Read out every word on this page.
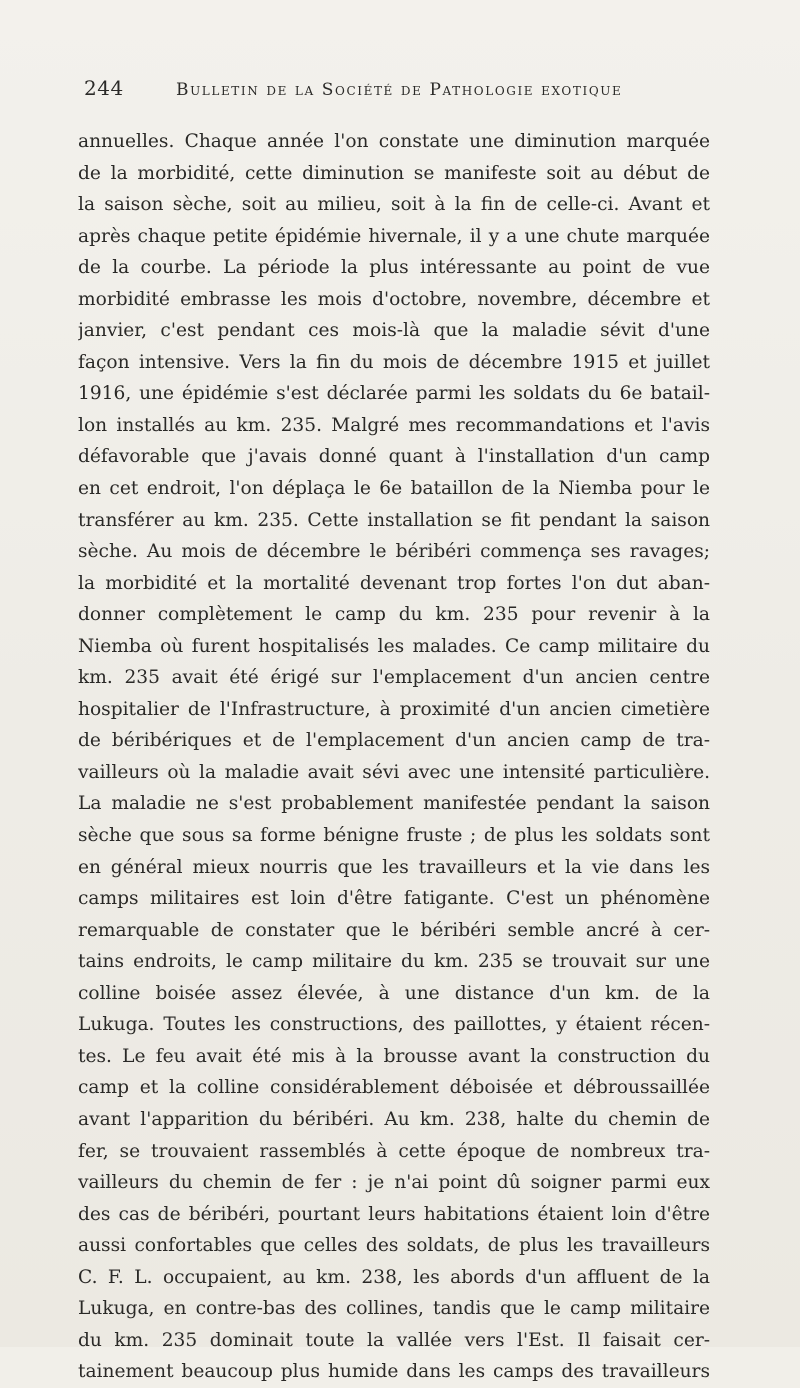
244	Bulletin de la Société de Pathologie exotique
annuelles. Chaque année l'on constate une diminution marquée
de la morbidité, cette diminution se manifeste soit au début de
la saison sèche, soit au milieu, soit à la fin de celle-ci. Avant et
après chaque petite épidémie hivernale, il y a une chute marquée
de la courbe. La période la plus intéressante au point de vue
morbidité embrasse les mois d'octobre, novembre, décembre et
janvier, c'est pendant ces mois-là que la maladie sévit d'une
façon intensive. Vers la fin du mois de décembre 1915 et juillet
1916, une épidémie s'est déclarée parmi les soldats du 6e batail-
lon installés au km. 235. Malgré mes recommandations et l'avis
défavorable que j'avais donné quant à l'installation d'un camp
en cet endroit, l'on déplaça le 6e bataillon de la Niemba pour le
transférer au km. 235. Cette installation se fit pendant la saison
sèche. Au mois de décembre le béribéri commença ses ravages;
la morbidité et la mortalité devenant trop fortes l'on dut aban-
donner complètement le camp du km. 235 pour revenir à la
Niemba où furent hospitalisés les malades. Ce camp militaire du
km. 235 avait été érigé sur l'emplacement d'un ancien centre
hospitalier de l'Infrastructure, à proximité d'un ancien cimetière
de béribériques et de l'emplacement d'un ancien camp de tra-
vailleurs où la maladie avait sévi avec une intensité particulière.
La maladie ne s'est probablement manifestée pendant la saison
sèche que sous sa forme bénigne fruste ; de plus les soldats sont
en général mieux nourris que les travailleurs et la vie dans les
camps militaires est loin d'être fatigante. C'est un phénomène
remarquable de constater que le béribéri semble ancré à cer-
tains endroits, le camp militaire du km. 235 se trouvait sur une
colline boisée assez élevée, à une distance d'un km. de la
Lukuga. Toutes les constructions, des paillottes, y étaient récen-
tes. Le feu avait été mis à la brousse avant la construction du
camp et la colline considérablement déboisée et débroussaillée
avant l'apparition du béribéri. Au km. 238, halte du chemin de
fer, se trouvaient rassemblés à cette époque de nombreux tra-
vailleurs du chemin de fer : je n'ai point dû soigner parmi eux
des cas de béribéri, pourtant leurs habitations étaient loin d'être
aussi confortables que celles des soldats, de plus les travailleurs
C. F. L. occupaient, au km. 238, les abords d'un affluent de la
Lukuga, en contre-bas des collines, tandis que le camp militaire
du km. 235 dominait toute la vallée vers l'Est. Il faisait cer-
tainement beaucoup plus humide dans les camps des travailleurs
